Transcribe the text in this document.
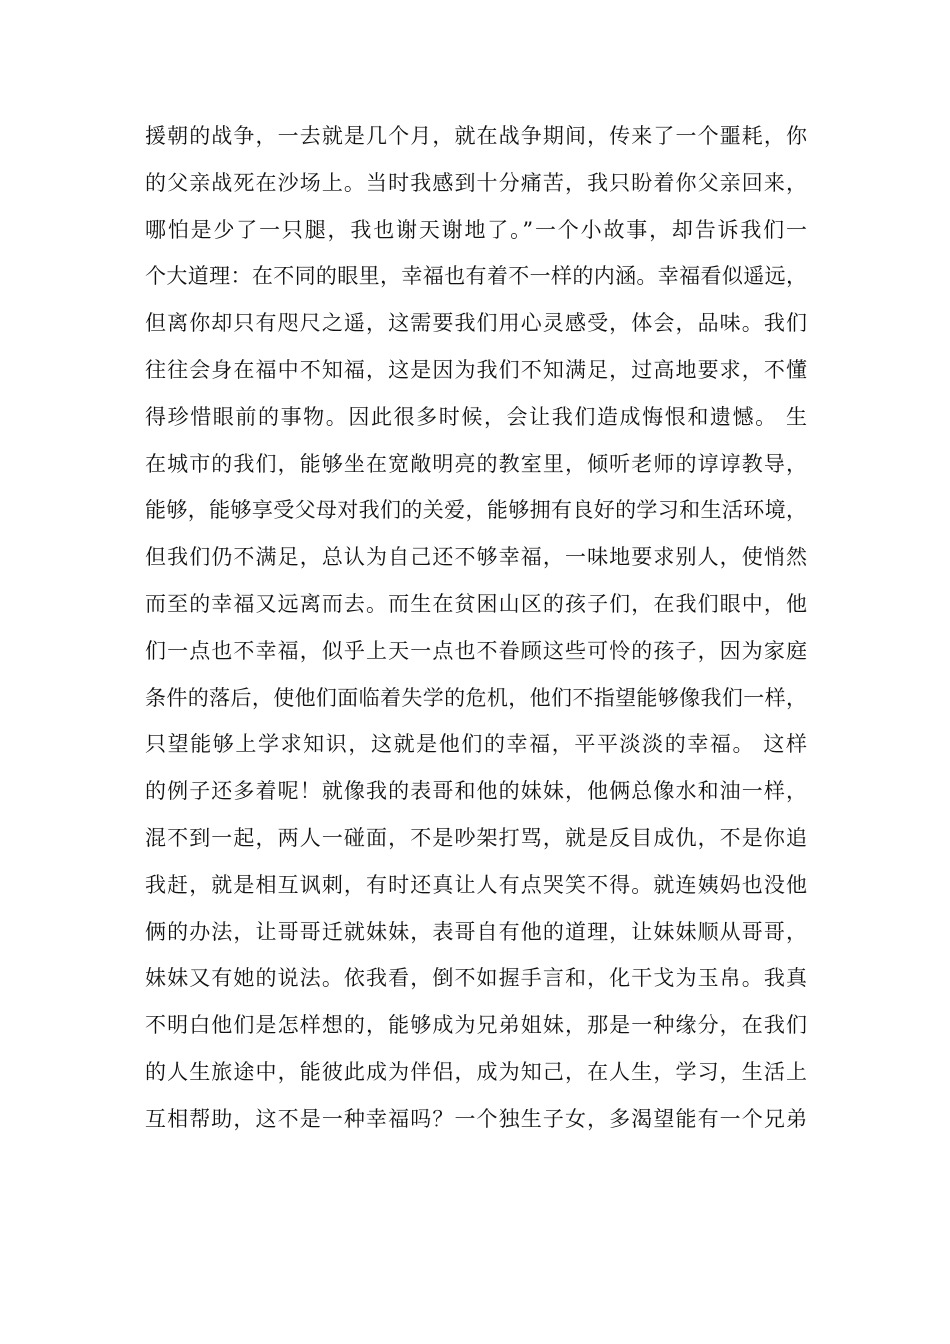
援朝的战争，一去就是几个月，就在战争期间，传来了一个噩耗，你
的父亲战死在沙场上。当时我感到十分痛苦，我只盼着你父亲回来，
哪怕是少了一只腿，我也谢天谢地了。”一个小故事，却告诉我们一
个大道理：在不同的眼里，幸福也有着不一样的内涵。幸福看似遥远，
但离你却只有咫尺之遥，这需要我们用心灵感受，体会，品味。我们
往往会身在福中不知福，这是因为我们不知满足，过高地要求，不懂
得珍惜眼前的事物。因此很多时候，会让我们造成悔恨和遗憾。 生
在城市的我们，能够坐在宽敞明亮的教室里，倾听老师的谆谆教导，
能够，能够享受父母对我们的关爱，能够拥有良好的学习和生活环境，
但我们仍不满足，总认为自己还不够幸福，一味地要求别人，使悄然
而至的幸福又远离而去。而生在贫困山区的孩子们，在我们眼中，他
们一点也不幸福，似乎上天一点也不眷顾这些可怜的孩子，因为家庭
条件的落后，使他们面临着失学的危机，他们不指望能够像我们一样，
只望能够上学求知识，这就是他们的幸福，平平淡淡的幸福。 这样
的例子还多着呢！就像我的表哥和他的妹妹，他俩总像水和油一样，
混不到一起，两人一碰面，不是吵架打骂，就是反目成仇，不是你追
我赶，就是相互讽刺，有时还真让人有点哭笑不得。就连姨妈也没他
俩的办法，让哥哥迁就妹妹，表哥自有他的道理，让妹妹顺从哥哥，
妹妹又有她的说法。依我看，倒不如握手言和，化干戈为玉帛。我真
不明白他们是怎样想的，能够成为兄弟姐妹，那是一种缘分，在我们
的人生旅途中，能彼此成为伴侣，成为知己，在人生，学习，生活上
互相帮助，这不是一种幸福吗？一个独生子女，多渴望能有一个兄弟
